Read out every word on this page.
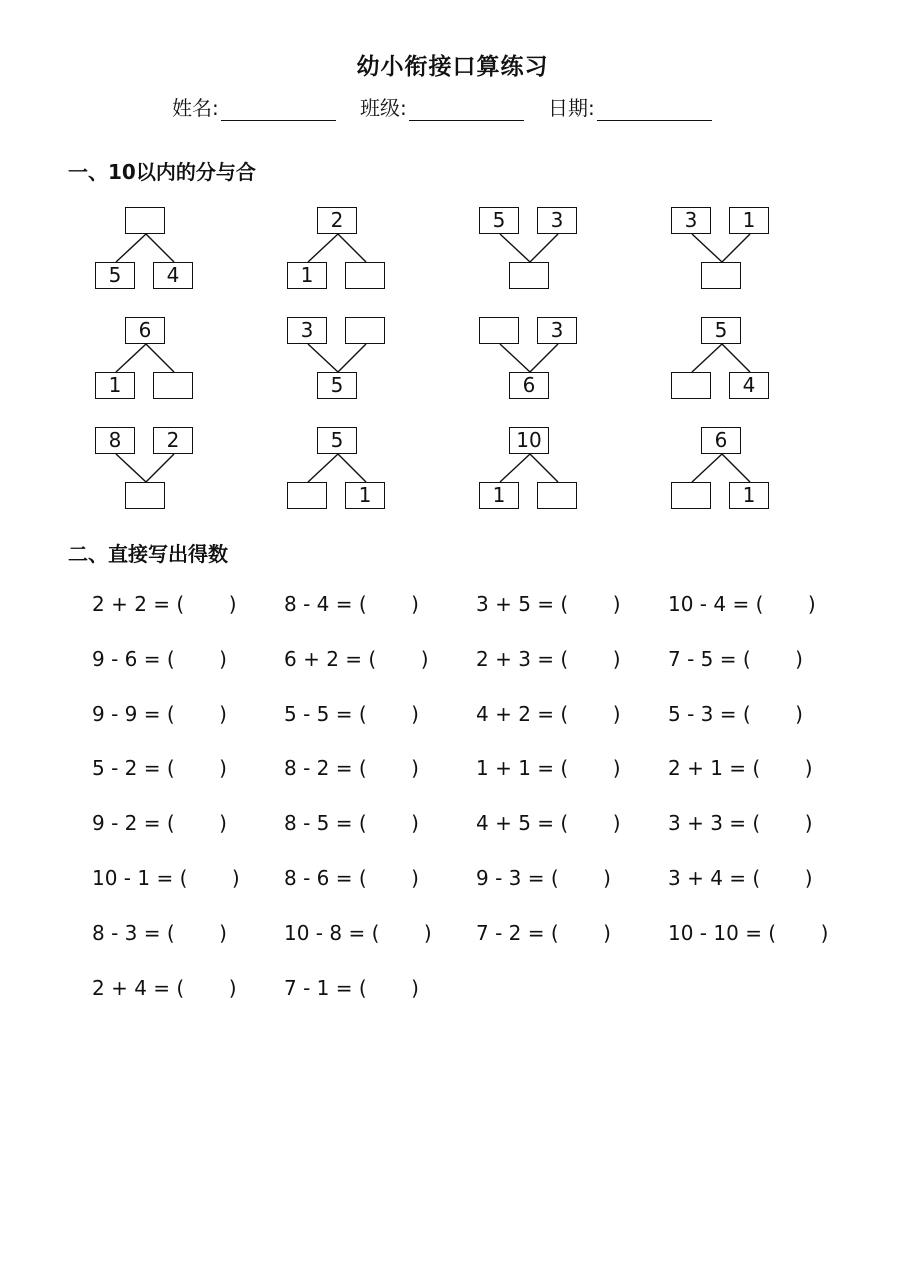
幼小衔接口算练习
姓名:	班级:	日期:
一、10以内的分与合
5	4
2
1
5	3	3	1
6
1
3
5
3
6
5
4
8	2	5
1
10
1
6
1
二、直接写出得数
2 + 2 = (       ) 8 - 4 = (       )	3 + 5 = (       ) 10 - 4 = (       )
9 - 6 = (       )	6 + 2 = (       ) 2 + 3 = (       ) 7 - 5 = (       )
9 - 9 = (       )	5 - 5 = (       )	4 + 2 = (       ) 5 - 3 = (       )
5 - 2 = (       )	8 - 2 = (       )	1 + 1 = (       ) 2 + 1 = (       )
9 - 2 = (       )	8 - 5 = (       )	4 + 5 = (       ) 3 + 3 = (       )
10 - 1 = (       ) 8 - 6 = (       )	9 - 3 = (       )	3 + 4 = (       )
8 - 3 = (       )	10 - 8 = (       ) 7 - 2 = (       )	10 - 10 = (       )
2 + 4 = (       ) 7 - 1 = (       )
